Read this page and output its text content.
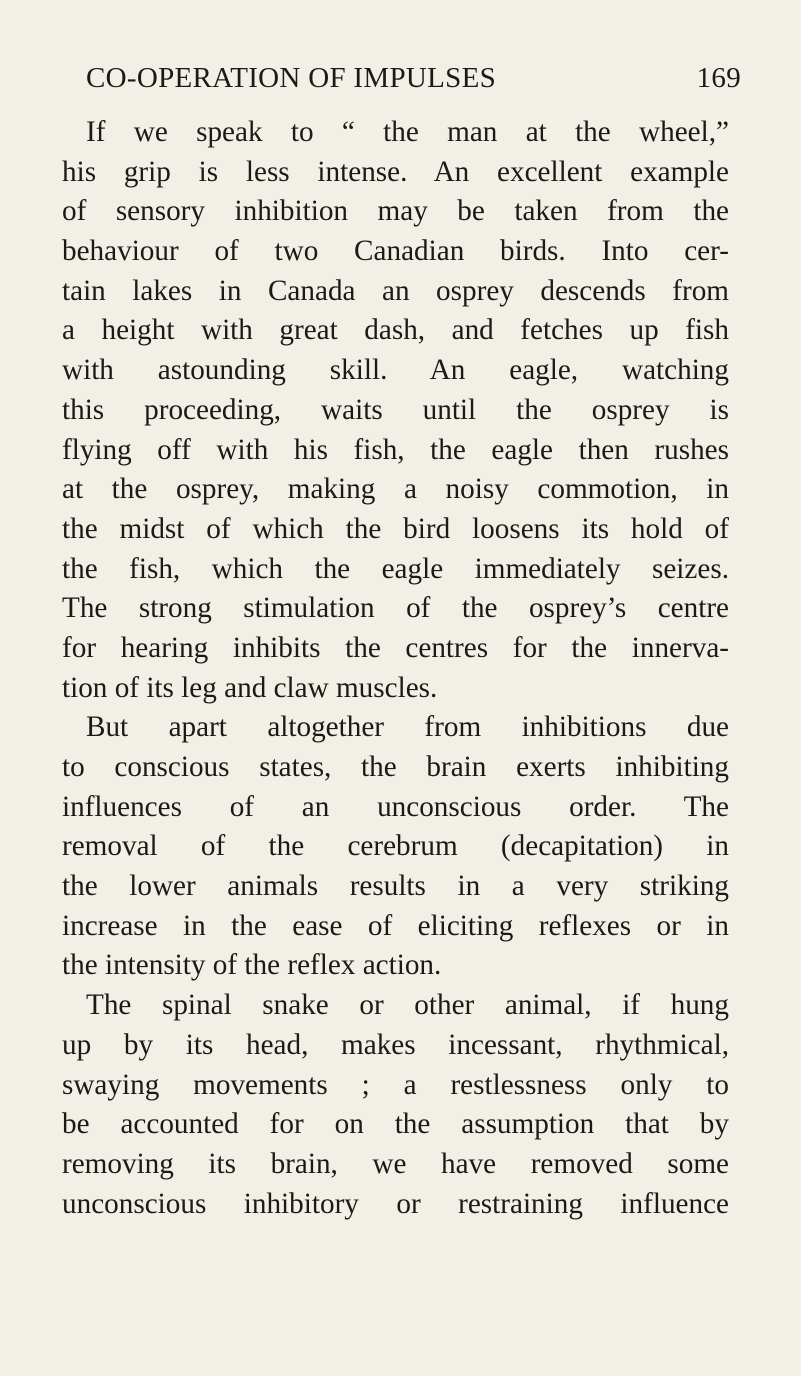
CO-OPERATION OF IMPULSES	169
If we speak to “ the man at the wheel,”
his grip is less intense. An excellent example
of sensory inhibition may be taken from the
behaviour of two Canadian birds. Into cer-
tain lakes in Canada an osprey descends from
a height with great dash, and fetches up fish
with astounding skill. An eagle, watching
this proceeding, waits until the osprey is
flying off with his fish, the eagle then rushes
at the osprey, making a noisy commotion, in
the midst of which the bird loosens its hold of
the fish, which the eagle immediately seizes.
The strong stimulation of the osprey’s centre
for hearing inhibits the centres for the innerva-
tion of its leg and claw muscles.
But apart altogether from inhibitions due
to conscious states, the brain exerts inhibiting
influences of an unconscious order. The
removal of the cerebrum (decapitation) in
the lower animals results in a very striking
increase in the ease of eliciting reflexes or in
the intensity of the reflex action.
The spinal snake or other animal, if hung
up by its head, makes incessant, rhythmical,
swaying movements ; a restlessness only to
be accounted for on the assumption that by
removing its brain, we have removed some
unconscious inhibitory or restraining influence
